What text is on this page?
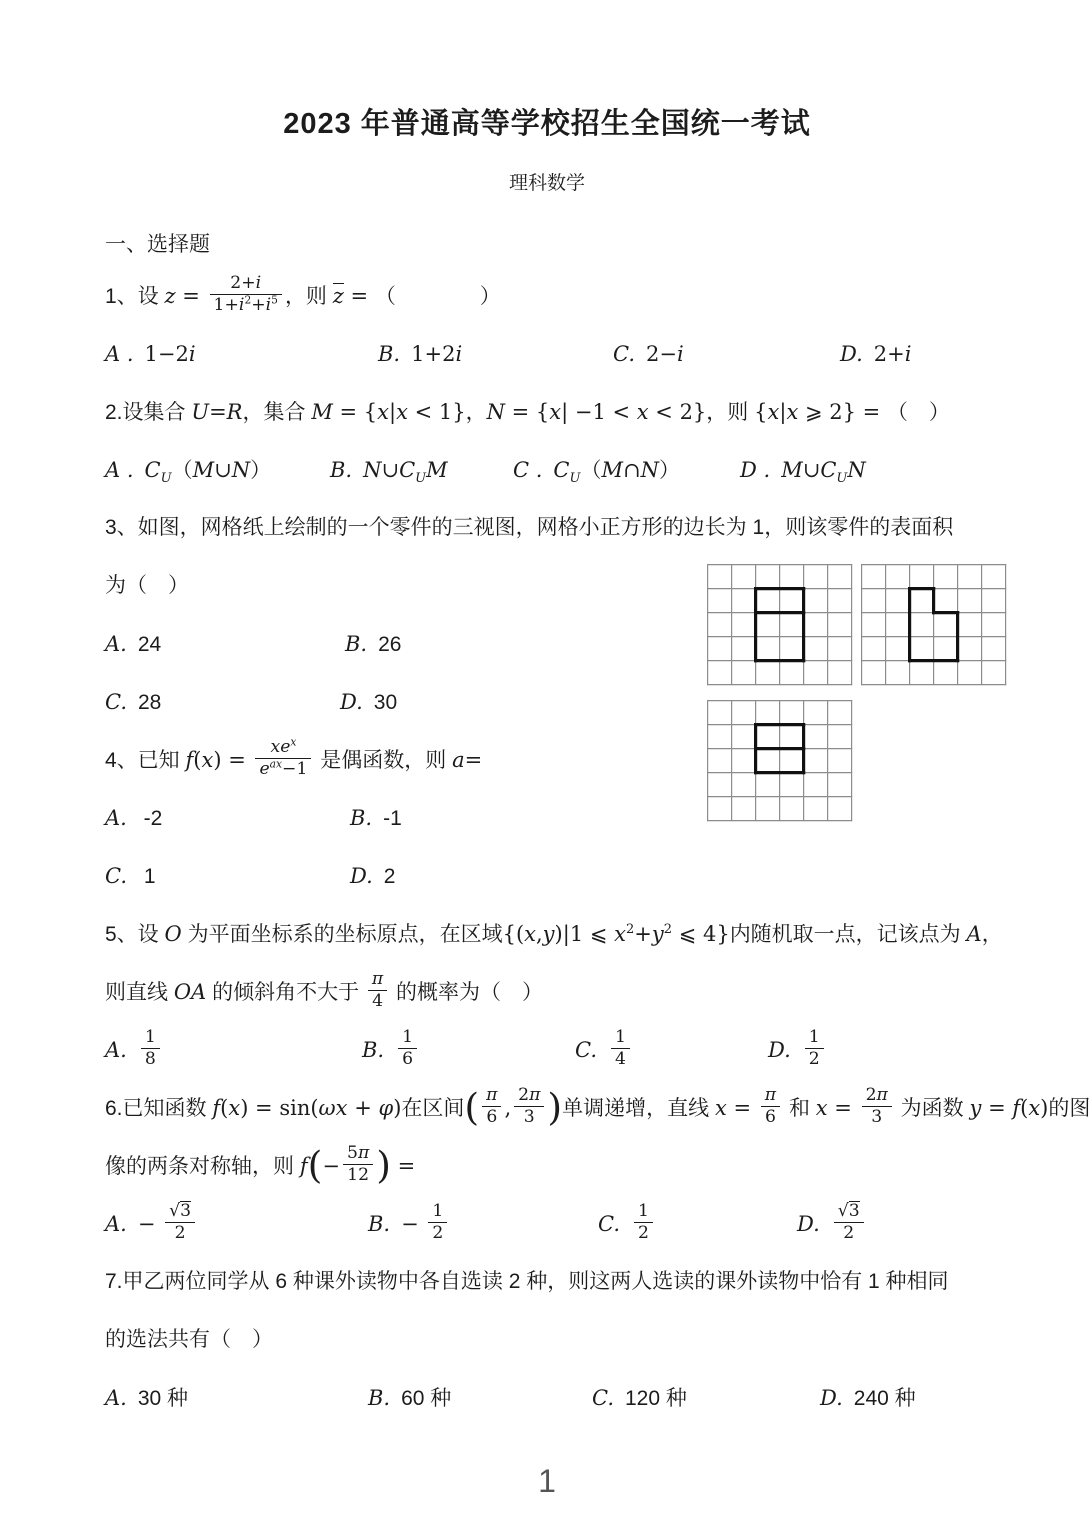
2023 年普通高等学校招生全国统一考试
理科数学
一、选择题
1、设 $z = \frac{2+i}{1+i^2+i^5}$ ，则 z = （　　　　）
A . 1−2i	B. 1+2i	C. 2−i	D. 2+i
2.设集合 U=R，集合 M = {x|x < 1}，N = {x| −1 < x < 2}，则 {x|x ⩾ 2} = （　）
A . $C_U(M\cup N)$	B. $N\cup C_UM$	C . $C_U(M\cap N)$	D . $M\cup C_UN$
3、如图，网格纸上绘制的一个零件的三视图，网格小正方形的边长为 1，则该零件的表面积
为（　）
A. 24	B. 26
C. 28	D. 30
4、已知 $f(x) = \frac{xe^x}{e^{ax}-1}$ 是偶函数，则 a=
A. -2	B. -1
C. 1	D. 2
5、设 O 为平面坐标系的坐标原点，在区域{(x,y)|1 ⩽ $x^2+y^2$ ⩽ 4}内随机取一点，记该点为 A，
则直线 OA 的倾斜角不大于 $\frac{\pi}{4}$ 的概率为（　）
A. $\frac{1}{8}$	B. $\frac{1}{6}$	C. $\frac{1}{4}$	D. $\frac{1}{2}$
6.已知函数 f(x) = sin(ωx + φ)在区间( $\frac{\pi}{6}$ , $\frac{2\pi}{3}$ )单调递增，直线 $x = \frac{\pi}{6}$ 和 $x = \frac{2\pi}{3}$ 为函数 y = f(x)的图
像的两条对称轴，则 $f(- \frac{5\pi}{12}$ ) =
A. − $\frac{√3}{2}$	B. − $\frac{1}{2}$	C. $\frac{1}{2}$	D. $\frac{√3}{2}$
7.甲乙两位同学从 6 种课外读物中各自选读 2 种，则这两人选读的课外读物中恰有 1 种相同
的选法共有（　）
A. 30 种	B. 60 种	C. 120 种	D. 240 种
1
